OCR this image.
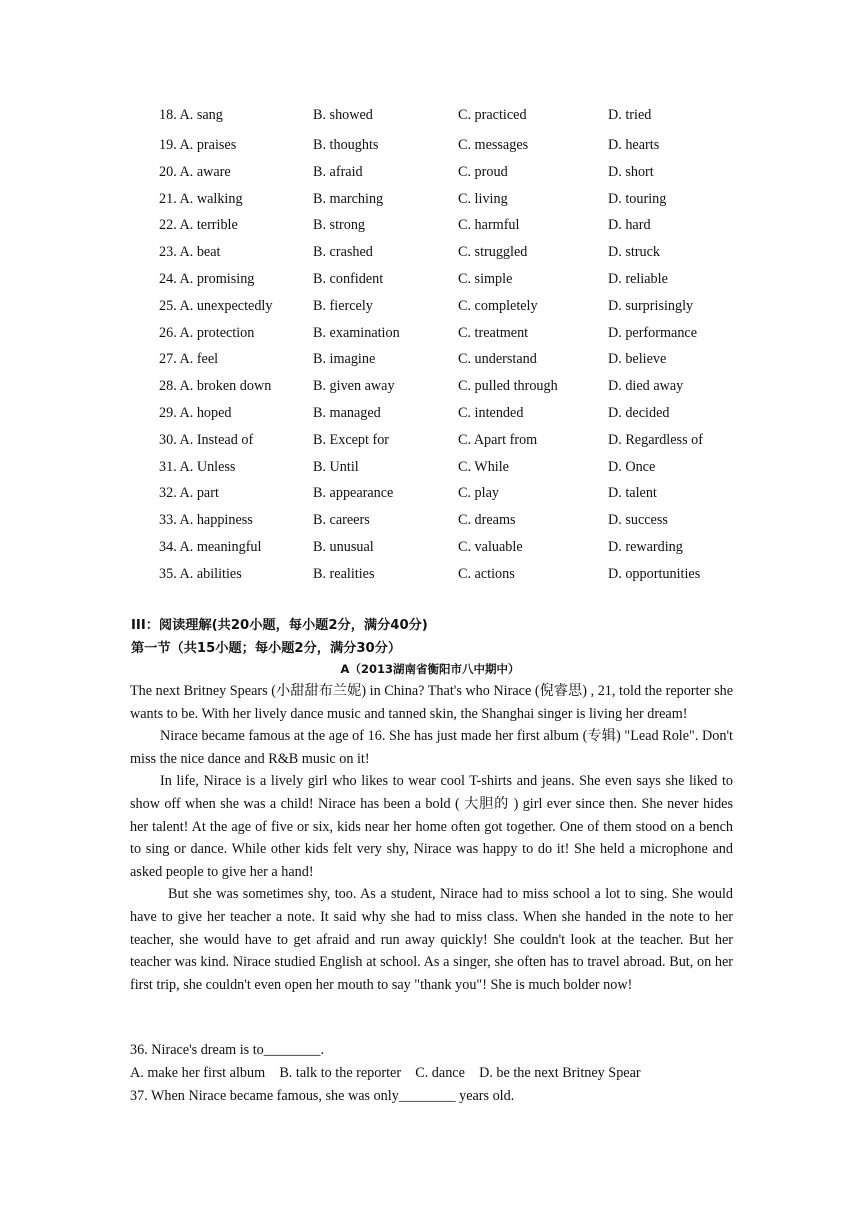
18. A. sang	B. showed	C. practiced	D. tried
19. A. praises	B. thoughts	C. messages	D. hearts
20. A. aware	B. afraid	C. proud	D. short
21. A. walking	B. marching	C. living	D. touring
22. A. terrible	B. strong	C. harmful	D. hard
23. A. beat	B. crashed	C. struggled	D. struck
24. A. promising	B. confident	C. simple	D. reliable
25. A. unexpectedly	B. fiercely	C. completely	D. surprisingly
26. A. protection	B. examination	C. treatment	D. performance
27. A. feel	B. imagine	C. understand	D. believe
28. A. broken down	B. given away	C. pulled through	D. died away
29. A. hoped	B. managed	C. intended	D. decided
30. A. Instead of	B. Except for	C. Apart from	D. Regardless of
31. A. Unless	B. Until	C. While	D. Once
32. A. part	B. appearance	C. play	D. talent
33. A. happiness	B. careers	C. dreams	D. success
34. A. meaningful	B. unusual	C. valuable	D. rewarding
35. A. abilities	B. realities	C. actions	D. opportunities
III：阅读理解(共20小题，每小题2分，满分40分)
第一节（共15小题；每小题2分，满分30分）
A（2013湖南省衡阳市八中期中）

The next Britney Spears (小甜甜布兰妮) in China? That's who Nirace (倪睿思) , 21, told the reporter she wants to be. With her lively dance music and tanned skin, the Shanghai singer is living her dream!

Nirace became famous at the age of 16. She has just made her first album (专辑) "Lead Role". Don't miss the nice dance and R&B music on it!

In life, Nirace is a lively girl who likes to wear cool T-shirts and jeans. She even says she liked to show off when she was a child! Nirace has been a bold ( 大胆的 ) girl ever since then. She never hides her talent! At the age of five or six, kids near her home often got together. One of them stood on a bench to sing or dance. While other kids felt very shy, Nirace was happy to do it! She held a microphone and asked people to give her a hand!

But she was sometimes shy, too. As a student, Nirace had to miss school a lot to sing. She would have to give her teacher a note. It said why she had to miss class. When she handed in the note to her teacher, she would have to get afraid and run away quickly! She couldn't look at the teacher. But her teacher was kind. Nirace studied English at school. As a singer, she often has to travel abroad. But, on her first trip, she couldn't even open her mouth to say "thank you"! She is much bolder now!

36. Nirace's dream is to________.
A. make her first album    B. talk to the reporter    C. dance    D. be the next Britney Spear
37. When Nirace became famous, she was only________ years old.
